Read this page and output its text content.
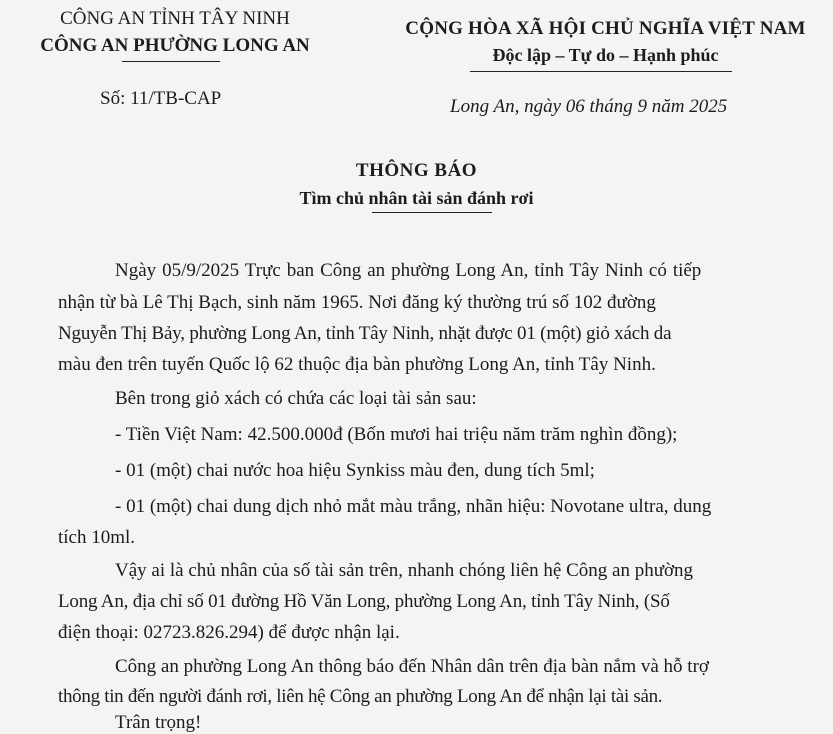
CÔNG AN TỈNH TÂY NINH
CÔNG AN PHƯỜNG LONG AN
CỘNG HÒA XÃ HỘI CHỦ NGHĨA VIỆT NAM
Độc lập – Tự do – Hạnh phúc
Số: 11/TB-CAP	Long An, ngày 06 tháng 9 năm 2025
THÔNG BÁO
Tìm chủ nhân tài sản đánh rơi
Ngày 05/9/2025 Trực ban Công an phường Long An, tỉnh Tây Ninh có tiếp
nhận từ bà Lê Thị Bạch, sinh năm 1965. Nơi đăng ký thường trú số 102 đường
Nguyễn Thị Bảy, phường Long An, tỉnh Tây Ninh, nhặt được 01 (một) giỏ xách da
màu đen trên tuyến Quốc lộ 62 thuộc địa bàn phường Long An, tỉnh Tây Ninh.
Bên trong giỏ xách có chứa các loại tài sản sau:
- Tiền Việt Nam: 42.500.000đ (Bốn mươi hai triệu năm trăm nghìn đồng);
- 01 (một) chai nước hoa hiệu Synkiss màu đen, dung tích 5ml;
- 01 (một) chai dung dịch nhỏ mắt màu trắng, nhãn hiệu: Novotane ultra, dung
tích 10ml.
Vậy ai là chủ nhân của số tài sản trên, nhanh chóng liên hệ Công an phường
Long An, địa chỉ số 01 đường Hồ Văn Long, phường Long An, tỉnh Tây Ninh, (Số
điện thoại: 02723.826.294) để được nhận lại.
Công an phường Long An thông báo đến Nhân dân trên địa bàn nắm và hỗ trợ
thông tin đến người đánh rơi, liên hệ Công an phường Long An để nhận lại tài sản.
Trân trọng!
